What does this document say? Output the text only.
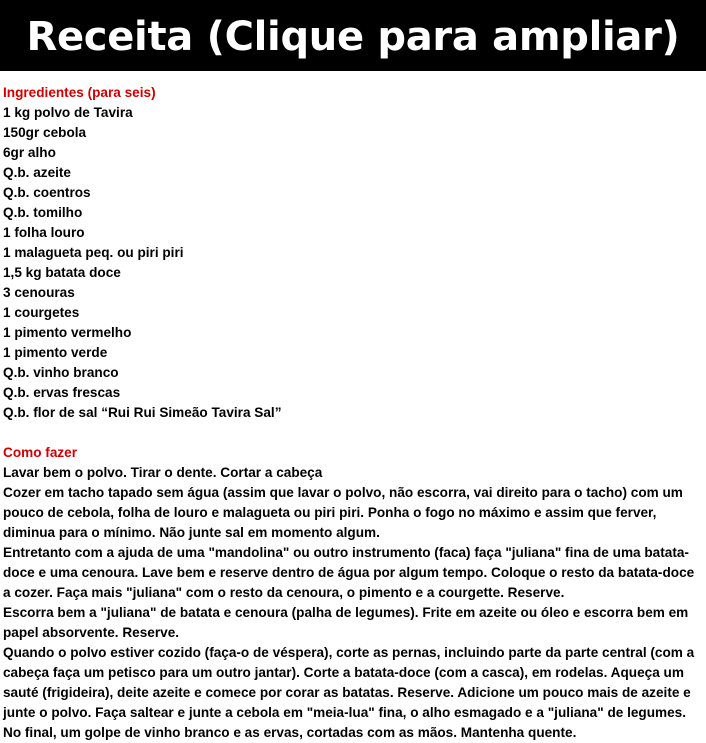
Receita (Clique para ampliar)
Ingredientes (para seis)
1 kg polvo de Tavira
150gr cebola
6gr alho
Q.b. azeite
Q.b. coentros
Q.b. tomilho
1 folha louro
1 malagueta peq. ou piri piri
1,5 kg batata doce
3 cenouras
1 courgetes
1 pimento vermelho
1 pimento verde
Q.b. vinho branco
Q.b. ervas frescas
Q.b. flor de sal “Rui Rui Simeão Tavira Sal”
Como fazer
Lavar bem o polvo. Tirar o dente. Cortar a cabeça
Cozer em tacho tapado sem água (assim que lavar o polvo, não escorra, vai direito para o tacho) com um pouco de cebola, folha de louro e malagueta ou piri piri. Ponha o fogo no máximo e assim que ferver, diminua para o mínimo. Não junte sal em momento algum.
Entretanto com a ajuda de uma "mandolina" ou outro instrumento (faca) faça "juliana" fina de uma batata-doce e uma cenoura. Lave bem e reserve dentro de água por algum tempo. Coloque o resto da batata-doce a cozer. Faça mais "juliana" com o resto da cenoura, o pimento e a courgette. Reserve.
Escorra bem a "juliana" de batata e cenoura (palha de legumes). Frite em azeite ou óleo e escorra bem em papel absorvente. Reserve.
Quando o polvo estiver cozido (faça-o de véspera), corte as pernas, incluindo parte da parte central (com a cabeça faça um petisco para um outro jantar). Corte a batata-doce (com a casca), em rodelas. Aqueça um sauté (frigideira), deite azeite e comece por corar as batatas. Reserve. Adicione um pouco mais de azeite e junte o polvo. Faça saltear e junte a cebola em "meia-lua" fina, o alho esmagado e a "juliana" de legumes. No final, um golpe de vinho branco e as ervas, cortadas com as mãos. Mantenha quente.
